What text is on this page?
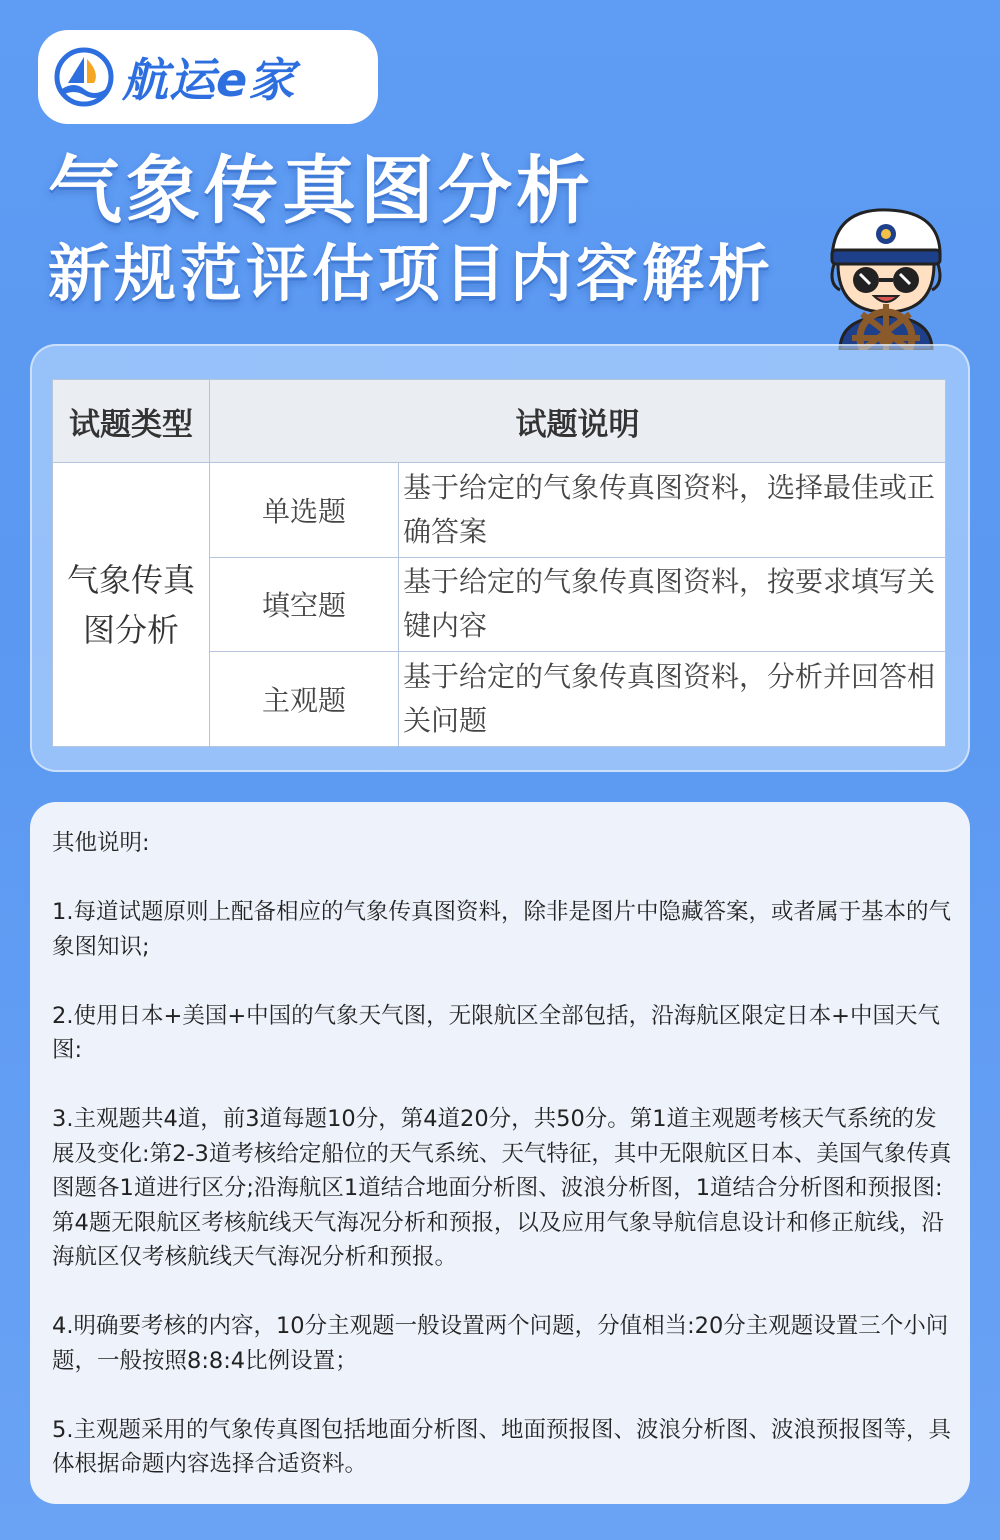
航运e家
气象传真图分析
新规范评估项目内容解析
试题类型	试题说明	
气象传真图分析	单选题	基于给定的气象传真图资料，选择最佳或正确答案
	填空题	基于给定的气象传真图资料，按要求填写关键内容
	主观题	基于给定的气象传真图资料，分析并回答相关问题

其他说明:

1.每道试题原则上配备相应的气象传真图资料，除非是图片中隐藏答案，或者属于基本的气象图知识;

2.使用日本+美国+中国的气象天气图，无限航区全部包括，沿海航区限定日本+中国天气图:

3.主观题共4道，前3道每题10分，第4道20分，共50分。第1道主观题考核天气系统的发展及变化:第2-3道考核给定船位的天气系统、天气特征，其中无限航区日本、美国气象传真图题各1道进行区分;沿海航区1道结合地面分析图、波浪分析图，1道结合分析图和预报图:第4题无限航区考核航线天气海况分析和预报，以及应用气象导航信息设计和修正航线，沿海航区仅考核航线天气海况分析和预报。

4.明确要考核的内容，10分主观题一般设置两个问题，分值相当:20分主观题设置三个小问题，一般按照8:8:4比例设置；

5.主观题采用的气象传真图包括地面分析图、地面预报图、波浪分析图、波浪预报图等，具体根据命题内容选择合适资料。
